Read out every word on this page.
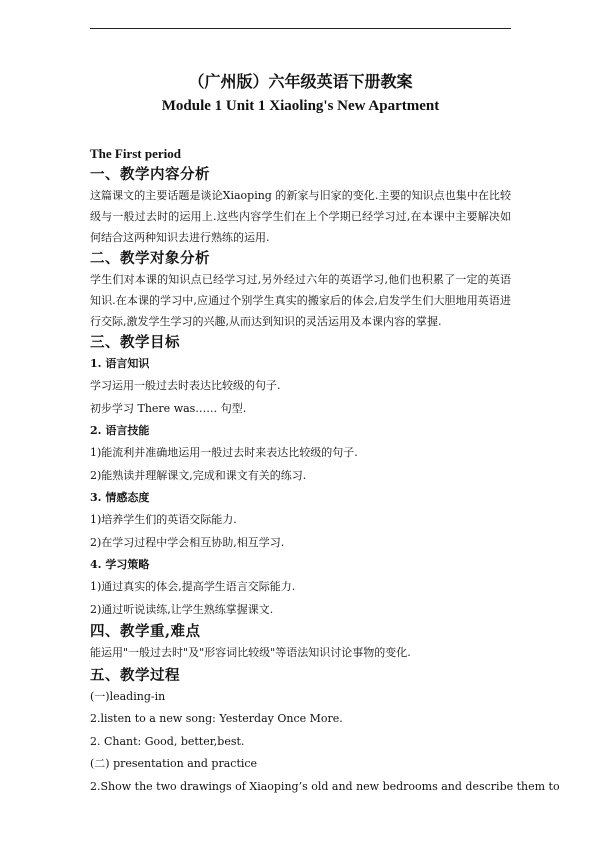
（广州版）六年级英语下册教案
Module 1 Unit 1 Xiaoling's New Apartment

The First period

一、教学内容分析

这篇课文的主要话题是谈论Xiaoping 的新家与旧家的变化.主要的知识点也集中在比较级与一般过去时的运用上.这些内容学生们在上个学期已经学习过,在本课中主要解决如何结合这两种知识去进行熟练的运用.

二、教学对象分析

学生们对本课的知识点已经学习过,另外经过六年的英语学习,他们也积累了一定的英语知识.在本课的学习中,应通过个别学生真实的搬家后的体会,启发学生们大胆地用英语进行交际,激发学生学习的兴趣,从而达到知识的灵活运用及本课内容的掌握.

三、教学目标

1. 语言知识

学习运用一般过去时表达比较级的句子.

初步学习 There was…… 句型.

2. 语言技能

1)能流利并准确地运用一般过去时来表达比较级的句子.

2)能熟读并理解课文,完成和课文有关的练习.

3. 情感态度

1)培养学生们的英语交际能力.

2)在学习过程中学会相互协助,相互学习.

4. 学习策略

1)通过真实的体会,提高学生语言交际能力.

2)通过听说读练,让学生熟练掌握课文.

四、教学重,难点

能运用"一般过去时"及"形容词比较级"等语法知识讨论事物的变化.

五、教学过程

(一)leading-in

2.listen to a new song: Yesterday Once More.

2. Chant: Good, better,best.

(二) presentation and practice

2.Show the two drawings of Xiaoping’s old and new bedrooms and describe them to
